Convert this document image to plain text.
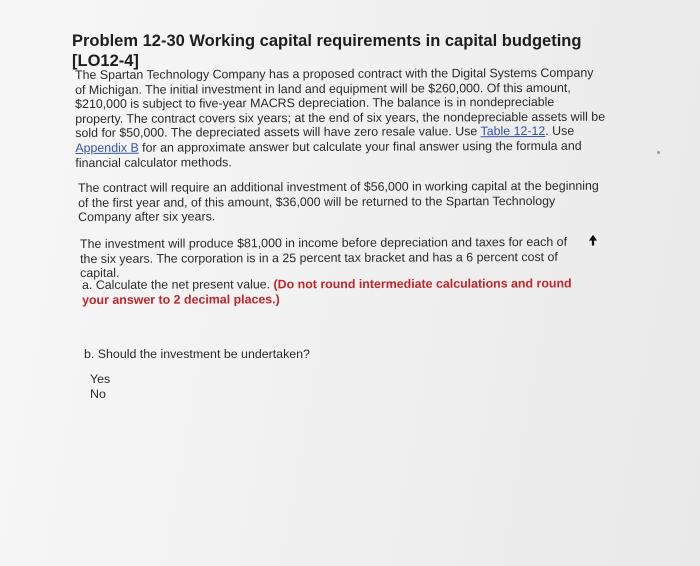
Problem 12-30 Working capital requirements in capital budgeting [LO12-4]
The Spartan Technology Company has a proposed contract with the Digital Systems Company of Michigan. The initial investment in land and equipment will be $260,000. Of this amount, $210,000 is subject to five-year MACRS depreciation. The balance is in nondepreciable property. The contract covers six years; at the end of six years, the nondepreciable assets will be sold for $50,000. The depreciated assets will have zero resale value. Use Table 12-12. Use Appendix B for an approximate answer but calculate your final answer using the formula and financial calculator methods.
The contract will require an additional investment of $56,000 in working capital at the beginning of the first year and, of this amount, $36,000 will be returned to the Spartan Technology Company after six years.
The investment will produce $81,000 in income before depreciation and taxes for each of the six years. The corporation is in a 25 percent tax bracket and has a 6 percent cost of capital.
a. Calculate the net present value. (Do not round intermediate calculations and round your answer to 2 decimal places.)
b. Should the investment be undertaken?
Yes
No
